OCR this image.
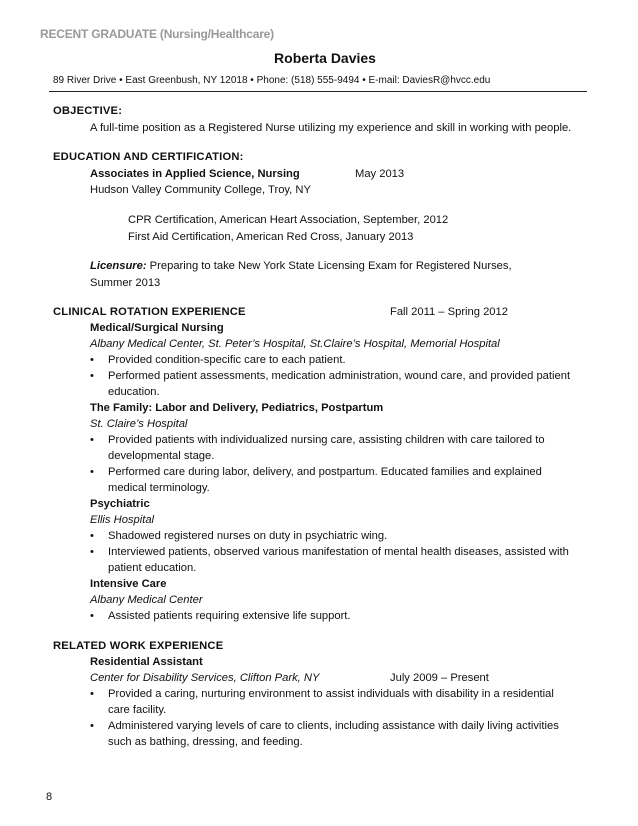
RECENT GRADUATE (Nursing/Healthcare)
Roberta Davies
89 River Drive • East Greenbush, NY 12018 • Phone: (518) 555-9494 • E-mail: DaviesR@hvcc.edu
OBJECTIVE:
A full-time position as a Registered Nurse utilizing my experience and skill in working with people.
EDUCATION AND CERTIFICATION:
Associates in Applied Science, Nursing	May 2013
Hudson Valley Community College, Troy, NY
CPR Certification, American Heart Association, September, 2012
First Aid Certification, American Red Cross, January 2013
Licensure: Preparing to take New York State Licensing Exam for Registered Nurses,
Summer 2013
CLINICAL ROTATION EXPERIENCE	Fall 2011 – Spring 2012
Medical/Surgical Nursing
Albany Medical Center, St. Peter’s Hospital, St.Claire’s Hospital, Memorial Hospital
• Provided condition-specific care to each patient.
• Performed patient assessments, medication administration, wound care, and provided patient
education.
The Family: Labor and Delivery, Pediatrics, Postpartum
St. Claire’s Hospital
• Provided patients with individualized nursing care, assisting children with care tailored to
developmental stage.
• Performed care during labor, delivery, and postpartum. Educated families and explained
medical terminology.
Psychiatric
Ellis Hospital
• Shadowed registered nurses on duty in psychiatric wing.
• Interviewed patients, observed various manifestation of mental health diseases, assisted with
patient education.
Intensive Care
Albany Medical Center
• Assisted patients requiring extensive life support.
RELATED WORK EXPERIENCE
Residential Assistant
Center for Disability Services, Clifton Park, NY	July 2009 – Present
• Provided a caring, nurturing environment to assist individuals with disability in a residential
care facility.
• Administered varying levels of care to clients, including assistance with daily living activities
such as bathing, dressing, and feeding.
8
